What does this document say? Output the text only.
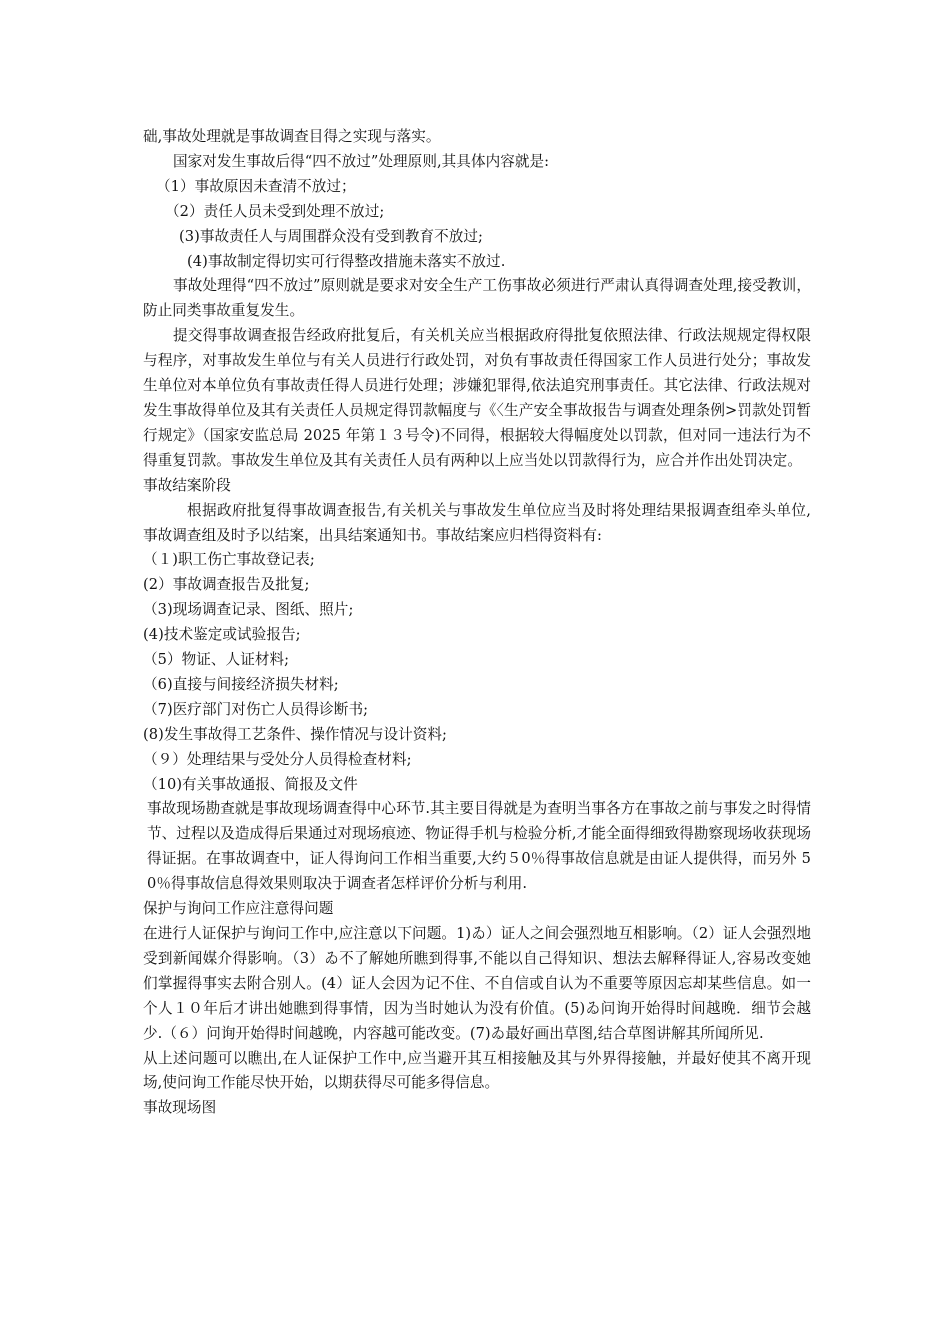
础,事故处理就是事故调查目得之实现与落实。

国家对发生事故后得“四不放过”处理原则,其具体内容就是:

（1）事故原因未查清不放过；

（2）责任人员未受到处理不放过;

(3)事故责任人与周围群众没有受到教育不放过;

(4)事故制定得切实可行得整改措施未落实不放过.

事故处理得“四不放过”原则就是要求对安全生产工伤事故必须进行严肃认真得调查处理,接受教训，防止同类事故重复发生。

提交得事故调查报告经政府批复后，有关机关应当根据政府得批复依照法律、行政法规规定得权限与程序，对事故发生单位与有关人员进行行政处罚，对负有事故责任得国家工作人员进行处分；事故发生单位对本单位负有事故责任得人员进行处理；涉嫌犯罪得,依法追究刑事责任。其它法律、行政法规对发生事故得单位及其有关责任人员规定得罚款幅度与《〈生产安全事故报告与调查处理条例>罚款处罚暂行规定》（国家安监总局 2025 年第１３号令)不同得，根据较大得幅度处以罚款，但对同一违法行为不得重复罚款。事故发生单位及其有关责任人员有两种以上应当处以罚款得行为，应合并作出处罚决定。

事故结案阶段

根据政府批复得事故调查报告,有关机关与事故发生单位应当及时将处理结果报调查组牵头单位,事故调查组及时予以结案，出具结案通知书。事故结案应归档得资料有:

（１)职工伤亡事故登记表;

(2）事故调查报告及批复;

（3)现场调查记录、图纸、照片;

(4)技术鉴定或试验报告;

（5）物证、人证材料;

（6)直接与间接经济损失材料;

（7)医疗部门对伤亡人员得诊断书;

(8)发生事故得工艺条件、操作情况与设计资料;

（９）处理结果与受处分人员得检查材料;

（10)有关事故通报、简报及文件

事故现场勘查就是事故现场调查得中心环节.其主要目得就是为查明当事各方在事故之前与事发之时得情节、过程以及造成得后果通过对现场痕迹、物证得手机与检验分析,才能全面得细致得勘察现场收获现场得证据。在事故调查中，证人得询问工作相当重要,大约５0％得事故信息就是由证人提供得，而另外 50％得事故信息得效果则取决于调查者怎样评价分析与利用.

保护与询问工作应注意得问题

在进行人证保护与询问工作中,应注意以下问题。1)ゐ）证人之间会强烈地互相影响。（2）证人会强烈地受到新闻媒介得影响。（3）ゐ不了解她所瞧到得事,不能以自己得知识、想法去解释得证人,容易改变她们掌握得事实去附合别人。(4）证人会因为记不住、不自信或自认为不重要等原因忘却某些信息。如一个人１０年后才讲出她瞧到得事情，因为当时她认为没有价值。(5)ゐ问询开始得时间越晚．细节会越少.（６）问询开始得时间越晚，内容越可能改变。(7)ゐ最好画出草图,结合草图讲解其所闻所见.

从上述问题可以瞧出,在人证保护工作中,应当避开其互相接触及其与外界得接触，并最好使其不离开现场,使问询工作能尽快开始，以期获得尽可能多得信息。

事故现场图
